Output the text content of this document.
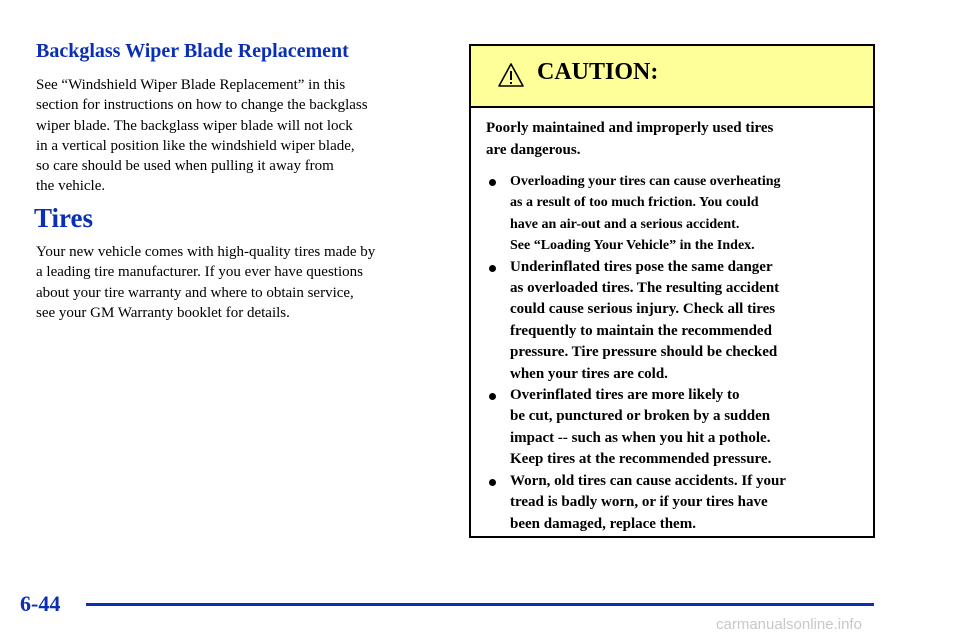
Backglass Wiper Blade Replacement

See “Windshield Wiper Blade Replacement” in this
section for instructions on how to change the backglass
wiper blade. The backglass wiper blade will not lock
in a vertical position like the windshield wiper blade,
so care should be used when pulling it away from
the vehicle.

Tires

Your new vehicle comes with high-quality tires made by
a leading tire manufacturer. If you ever have questions
about your tire warranty and where to obtain service,
see your GM Warranty booklet for details.

CAUTION:

Poorly maintained and improperly used tires
are dangerous.

Overloading your tires can cause overheating
as a result of too much friction. You could
have an air-out and a serious accident.
See “Loading Your Vehicle” in the Index.
Underinflated tires pose the same danger
as overloaded tires. The resulting accident
could cause serious injury. Check all tires
frequently to maintain the recommended
pressure. Tire pressure should be checked
when your tires are cold.
Overinflated tires are more likely to
be cut, punctured or broken by a sudden
impact -- such as when you hit a pothole.
Keep tires at the recommended pressure.
Worn, old tires can cause accidents. If your
tread is badly worn, or if your tires have
been damaged, replace them.

6-44

carmanualsonline.info
